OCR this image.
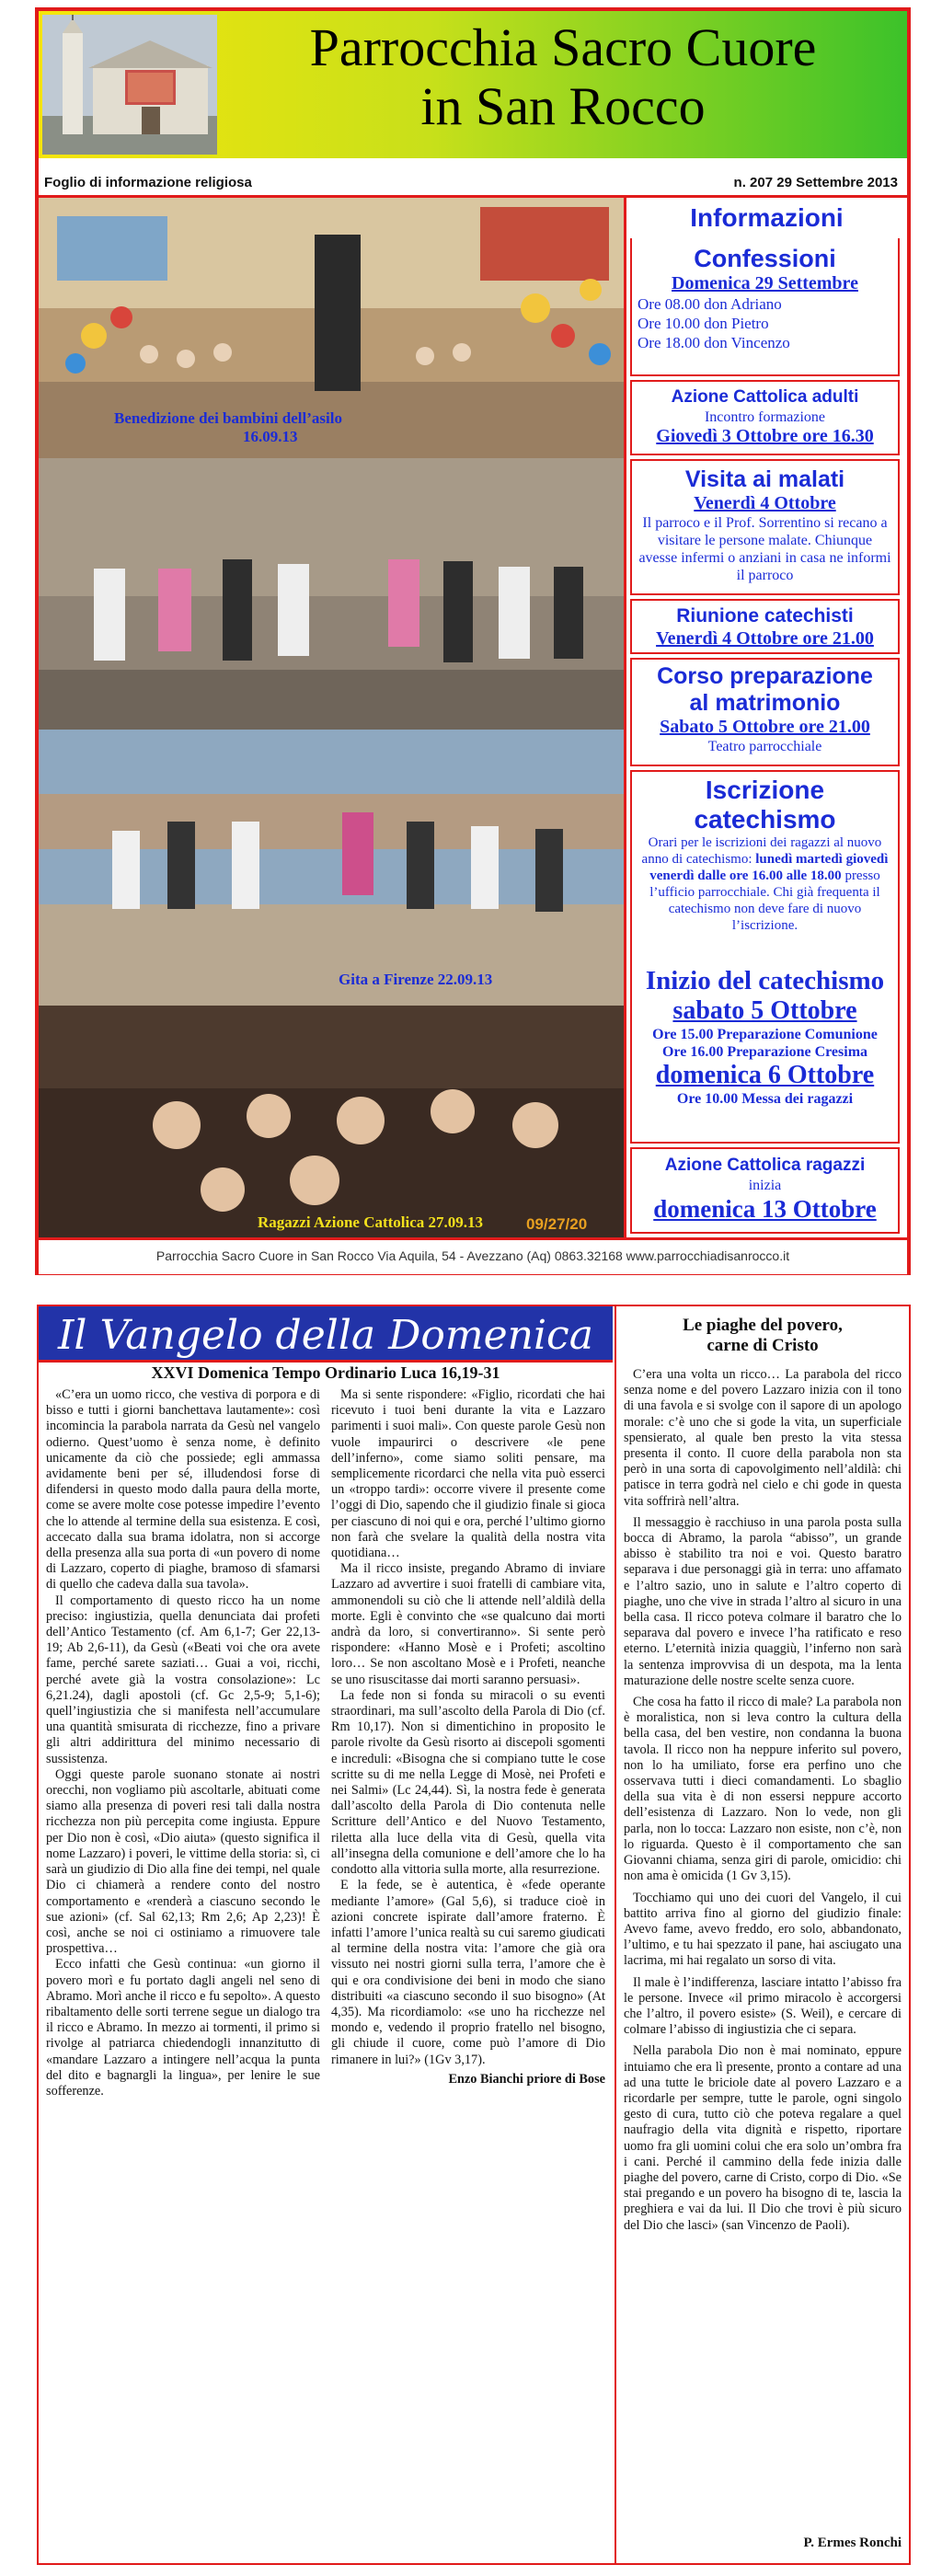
Parrocchia Sacro Cuore
in San Rocco
Foglio di informazione religiosa	n. 207 29 Settembre 2013
Benedizione dei bambini dell’asilo
16.09.13
Gita a Firenze 22.09.13
Ragazzi Azione Cattolica 27.09.13	09/27/20
Informazioni
Confessioni
Domenica 29 Settembre
Ore 08.00 don Adriano
Ore 10.00 don Pietro
Ore 18.00 don Vincenzo
Azione Cattolica adulti
Incontro formazione
Giovedì 3 Ottobre ore 16.30
Visita ai malati
Venerdì 4 Ottobre
Il parroco e il Prof. Sorrentino si recano a visitare le persone malate. Chiunque avesse infermi o anziani in casa ne informi il parroco
Riunione catechisti
Venerdì 4 Ottobre ore 21.00
Corso preparazione
al matrimonio
Sabato 5 Ottobre ore 21.00
Teatro parrocchiale
Iscrizione
catechismo
Orari per le iscrizioni dei ragazzi al nuovo anno di catechismo: lunedì martedì giovedì venerdì dalle ore 16.00 alle 18.00 presso l’ufficio parrocchiale. Chi già frequenta il catechismo non deve fare di nuovo l’iscrizione.
Inizio del catechismo
sabato 5 Ottobre
Ore 15.00 Preparazione Comunione
Ore 16.00 Preparazione Cresima
domenica 6 Ottobre
Ore 10.00 Messa dei ragazzi
Azione Cattolica ragazzi
inizia
domenica 13 Ottobre
Parrocchia Sacro Cuore in San Rocco Via Aquila, 54 - Avezzano (Aq) 0863.32168 www.parrocchiadisanrocco.it
Il Vangelo della Domenica
XXVI Domenica Tempo Ordinario Luca 16,19-31

«C’era un uomo ricco, che vestiva di porpora e di bisso e tutti i giorni banchettava lautamente»: così incomincia la parabola narrata da Gesù nel vangelo odierno. Quest’uomo è senza nome, è definito unicamente da ciò che possiede; egli ammassa avidamente beni per sé, illudendosi forse di difendersi in questo modo dalla paura della morte, come se avere molte cose potesse impedire l’evento che lo attende al termine della sua esistenza. E così, accecato dalla sua brama idolatra, non si accorge della presenza alla sua porta di «un povero di nome di Lazzaro, coperto di piaghe, bramoso di sfamarsi di quello che cadeva dalla sua tavola».

Il comportamento di questo ricco ha un nome preciso: ingiustizia, quella denunciata dai profeti dell’Antico Testamento (cf. Am 6,1-7; Ger 22,13-19; Ab 2,6-11), da Gesù («Beati voi che ora avete fame, perché sarete saziati… Guai a voi, ricchi, perché avete già la vostra consolazione»: Lc 6,21.24), dagli apostoli (cf. Gc 2,5-9; 5,1-6); quell’ingiustizia che si manifesta nell’accumulare una quantità smisurata di ricchezze, fino a privare gli altri addirittura del minimo necessario di sussistenza.

Oggi queste parole suonano stonate ai nostri orecchi, non vogliamo più ascoltarle, abituati come siamo alla presenza di poveri resi tali dalla nostra ricchezza non più percepita come ingiusta. Eppure per Dio non è così, «Dio aiuta» (questo significa il nome Lazzaro) i poveri, le vittime della storia: sì, ci sarà un giudizio di Dio alla fine dei tempi, nel quale Dio ci chiamerà a rendere conto del nostro comportamento e «renderà a ciascuno secondo le sue azioni» (cf. Sal 62,13; Rm 2,6; Ap 2,23)! È così, anche se noi ci ostiniamo a rimuovere tale prospettiva…

Ecco infatti che Gesù continua: «un giorno il povero morì e fu portato dagli angeli nel seno di Abramo. Morì anche il ricco e fu sepolto». A questo ribaltamento delle sorti terrene segue un dialogo tra il ricco e Abramo. In mezzo ai tormenti, il primo si rivolge al patriarca chiedendogli innanzitutto di «mandare Lazzaro a intingere nell’acqua la punta del dito e bagnargli la lingua», per lenire le sue sofferenze.

Ma si sente rispondere: «Figlio, ricordati che hai ricevuto i tuoi beni durante la vita e Lazzaro parimenti i suoi mali». Con queste parole Gesù non vuole impaurirci o descrivere «le pene dell’inferno», come siamo soliti pensare, ma semplicemente ricordarci che nella vita può esserci un «troppo tardi»: occorre vivere il presente come l’oggi di Dio, sapendo che il giudizio finale si gioca per ciascuno di noi qui e ora, perché l’ultimo giorno non farà che svelare la qualità della nostra vita quotidiana…

Ma il ricco insiste, pregando Abramo di inviare Lazzaro ad avvertire i suoi fratelli di cambiare vita, ammonendoli su ciò che li attende nell’aldilà della morte. Egli è convinto che «se qualcuno dai morti andrà da loro, si convertiranno». Si sente però rispondere: «Hanno Mosè e i Profeti; ascoltino loro… Se non ascoltano Mosè e i Profeti, neanche se uno risuscitasse dai morti saranno persuasi».

La fede non si fonda su miracoli o su eventi straordinari, ma sull’ascolto della Parola di Dio (cf. Rm 10,17). Non si dimentichino in proposito le parole rivolte da Gesù risorto ai discepoli sgomenti e increduli: «Bisogna che si compiano tutte le cose scritte su di me nella Legge di Mosè, nei Profeti e nei Salmi» (Lc 24,44). Sì, la nostra fede è generata dall’ascolto della Parola di Dio contenuta nelle Scritture dell’Antico e del Nuovo Testamento, riletta alla luce della vita di Gesù, quella vita all’insegna della comunione e dell’amore che lo ha condotto alla vittoria sulla morte, alla resurrezione.

E la fede, se è autentica, è «fede operante mediante l’amore» (Gal 5,6), si traduce cioè in azioni concrete ispirate dall’amore fraterno. È infatti l’amore l’unica realtà su cui saremo giudicati al termine della nostra vita: l’amore che già ora vissuto nei nostri giorni sulla terra, l’amore che è qui e ora condivisione dei beni in modo che siano distribuiti «a ciascuno secondo il suo bisogno» (At 4,35). Ma ricordiamolo: «se uno ha ricchezze nel mondo e, vedendo il proprio fratello nel bisogno, gli chiude il cuore, come può l’amore di Dio rimanere in lui?» (1Gv 3,17).

Enzo Bianchi priore di Bose

Le piaghe del povero,
carne di Cristo

C’era una volta un ricco… La parabola del ricco senza nome e del povero Lazzaro inizia con il tono di una favola e si svolge con il sapore di un apologo morale: c’è uno che si gode la vita, un superficiale spensierato, al quale ben presto la vita stessa presenta il conto. Il cuore della parabola non sta però in una sorta di capovolgimento nell’aldilà: chi patisce in terra godrà nel cielo e chi gode in questa vita soffrirà nell’altra.

Il messaggio è racchiuso in una parola posta sulla bocca di Abramo, la parola “abisso”, un grande abisso è stabilito tra noi e voi. Questo baratro separava i due personaggi già in terra: uno affamato e l’altro sazio, uno in salute e l’altro coperto di piaghe, uno che vive in strada l’altro al sicuro in una bella casa. Il ricco poteva colmare il baratro che lo separava dal povero e invece l’ha ratificato e reso eterno. L’eternità inizia quaggiù, l’inferno non sarà la sentenza improvvisa di un despota, ma la lenta maturazione delle nostre scelte senza cuore.

Che cosa ha fatto il ricco di male? La parabola non è moralistica, non si leva contro la cultura della bella casa, del ben vestire, non condanna la buona tavola. Il ricco non ha neppure inferito sul povero, non lo ha umiliato, forse era perfino uno che osservava tutti i dieci comandamenti. Lo sbaglio della sua vita è di non essersi neppure accorto dell’esistenza di Lazzaro. Non lo vede, non gli parla, non lo tocca: Lazzaro non esiste, non c’è, non lo riguarda. Questo è il comportamento che san Giovanni chiama, senza giri di parole, omicidio: chi non ama è omicida (1 Gv 3,15).

Tocchiamo qui uno dei cuori del Vangelo, il cui battito arriva fino al giorno del giudizio finale: Avevo fame, avevo freddo, ero solo, abbandonato, l’ultimo, e tu hai spezzato il pane, hai asciugato una lacrima, mi hai regalato un sorso di vita.

Il male è l’indifferenza, lasciare intatto l’abisso fra le persone. Invece «il primo miracolo è accorgersi che l’altro, il povero esiste» (S. Weil), e cercare di colmare l’abisso di ingiustizia che ci separa.

Nella parabola Dio non è mai nominato, eppure intuiamo che era lì presente, pronto a contare ad una ad una tutte le briciole date al povero Lazzaro e a ricordarle per sempre, tutte le parole, ogni singolo gesto di cura, tutto ciò che poteva regalare a quel naufragio della vita dignità e rispetto, riportare uomo fra gli uomini colui che era solo un’ombra fra i cani. Perché il cammino della fede inizia dalle piaghe del povero, carne di Cristo, corpo di Dio. «Se stai pregando e un povero ha bisogno di te, lascia la preghiera e vai da lui. Il Dio che trovi è più sicuro del Dio che lasci» (san Vincenzo de Paoli).

P. Ermes Ronchi
